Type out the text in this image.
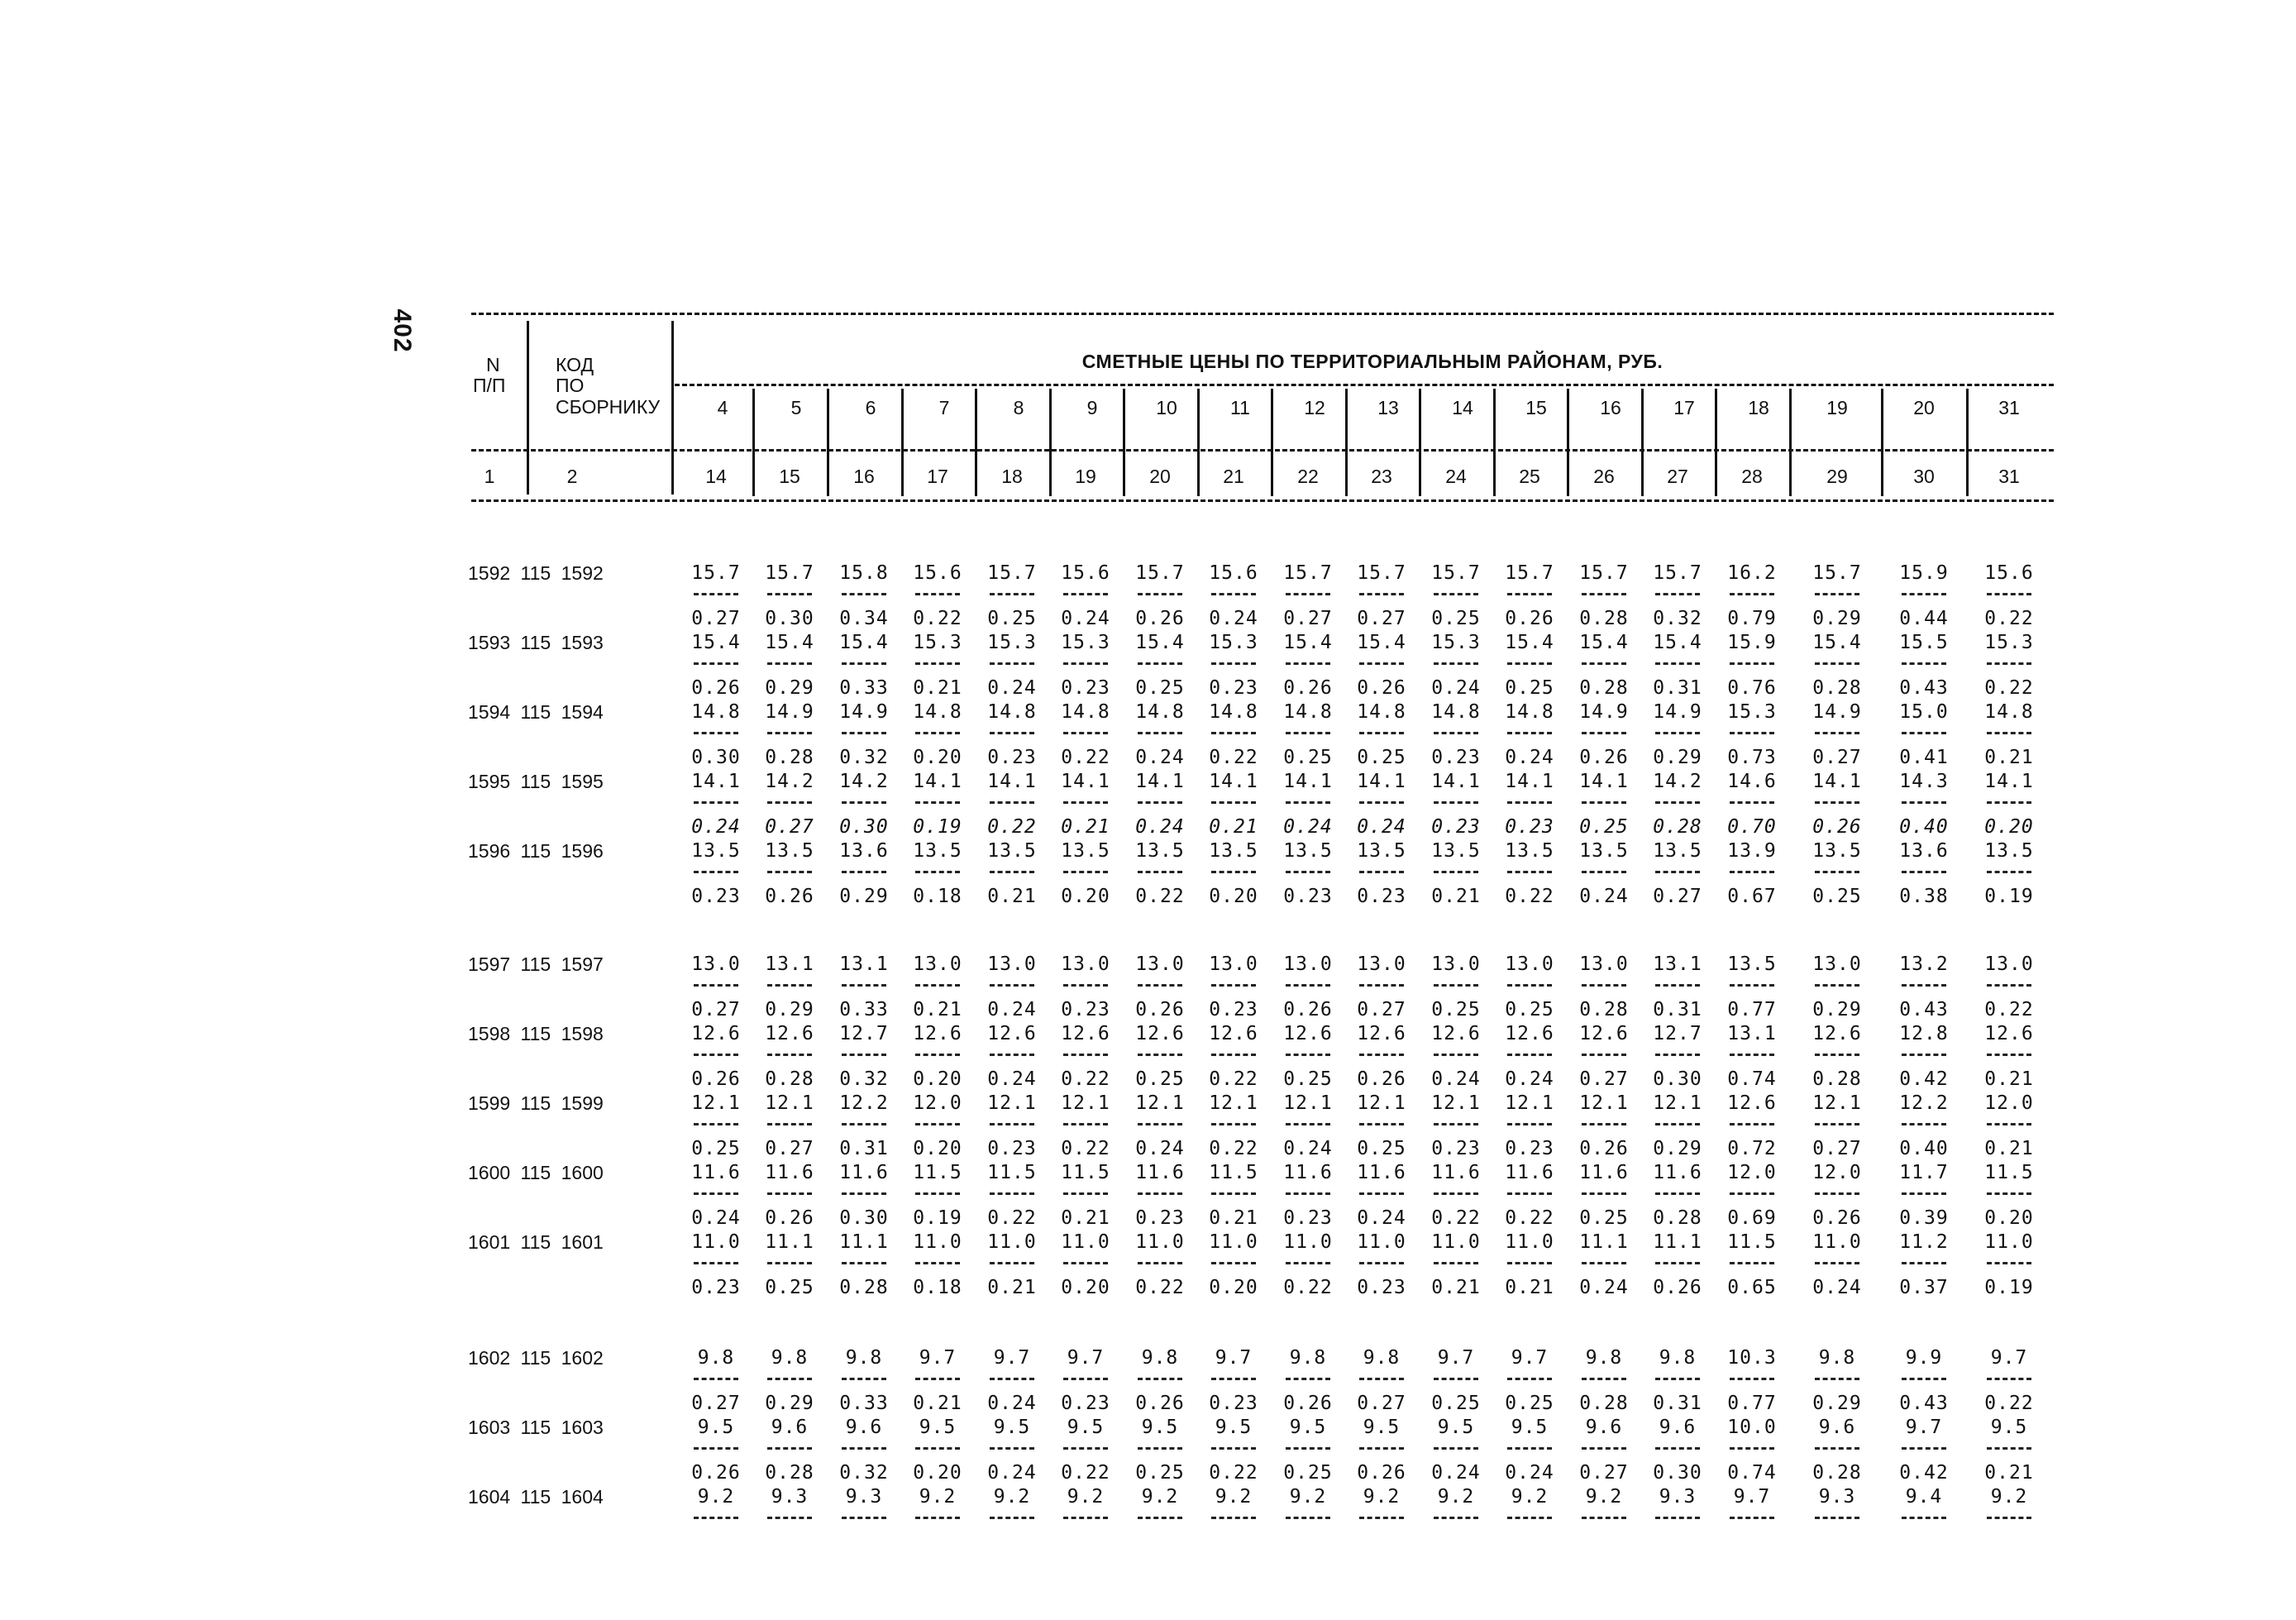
402
N
П/П
КОД
ПО
СБОРНИКУ
СМЕТНЫЕ ЦЕНЫ ПО ТЕРРИТОРИАЛЬНЫМ РАЙОНАМ, РУБ.
4	5	6	7	8	9	10	11	12	13	14	15	16	17	18	19	20	31
1	2	14	15	16	17	18	19	20	21	22	23	24	25	26	27	28	29	30	31
1592 115 1592	15.7 15.7 15.8 15.6 15.7 15.6 15.7 15.6 15.7 15.7 15.7 15.7 15.7 15.7 16.2 15.7 15.9 15.6
0.27 0.30 0.34 0.22 0.25 0.24 0.26 0.24 0.27 0.27 0.25 0.26 0.28 0.32 0.79 0.29 0.44 0.22
1593 115 1593	15.4 15.4 15.4 15.3 15.3 15.3 15.4 15.3 15.4 15.4 15.3 15.4 15.4 15.4 15.9 15.4 15.5 15.3
0.26 0.29 0.33 0.21 0.24 0.23 0.25 0.23 0.26 0.26 0.24 0.25 0.28 0.31 0.76 0.28 0.43 0.22
1594 115 1594	14.8 14.9 14.9 14.8 14.8 14.8 14.8 14.8 14.8 14.8 14.8 14.8 14.9 14.9 15.3 14.9 15.0 14.8
0.30 0.28 0.32 0.20 0.23 0.22 0.24 0.22 0.25 0.25 0.23 0.24 0.26 0.29 0.73 0.27 0.41 0.21
1595 115 1595	14.1 14.2 14.2 14.1 14.1 14.1 14.1 14.1 14.1 14.1 14.1 14.1 14.1 14.2 14.6 14.1 14.3 14.1
0.24 0.27 0.30 0.19 0.22 0.21 0.24 0.21 0.24 0.24 0.23 0.23 0.25 0.28 0.70 0.26 0.40 0.20
1596 115 1596	13.5 13.5 13.6 13.5 13.5 13.5 13.5 13.5 13.5 13.5 13.5 13.5 13.5 13.5 13.9 13.5 13.6 13.5
0.23 0.26 0.29 0.18 0.21 0.20 0.22 0.20 0.23 0.23 0.21 0.22 0.24 0.27 0.67 0.25 0.38 0.19
1597 115 1597	13.0 13.1 13.1 13.0 13.0 13.0 13.0 13.0 13.0 13.0 13.0 13.0 13.0 13.1 13.5 13.0 13.2 13.0
0.27 0.29 0.33 0.21 0.24 0.23 0.26 0.23 0.26 0.27 0.25 0.25 0.28 0.31 0.77 0.29 0.43 0.22
1598 115 1598	12.6 12.6 12.7 12.6 12.6 12.6 12.6 12.6 12.6 12.6 12.6 12.6 12.6 12.7 13.1 12.6 12.8 12.6
0.26 0.28 0.32 0.20 0.24 0.22 0.25 0.22 0.25 0.26 0.24 0.24 0.27 0.30 0.74 0.28 0.42 0.21
1599 115 1599	12.1 12.1 12.2 12.0 12.1 12.1 12.1 12.1 12.1 12.1 12.1 12.1 12.1 12.1 12.6 12.1 12.2 12.0
0.25 0.27 0.31 0.20 0.23 0.22 0.24 0.22 0.24 0.25 0.23 0.23 0.26 0.29 0.72 0.27 0.40 0.21
1600 115 1600	11.6 11.6 11.6 11.5 11.5 11.5 11.6 11.5 11.6 11.6 11.6 11.6 11.6 11.6 12.0 12.0 11.7 11.5
0.24 0.26 0.30 0.19 0.22 0.21 0.23 0.21 0.23 0.24 0.22 0.22 0.25 0.28 0.69 0.26 0.39 0.20
1601 115 1601	11.0 11.1 11.1 11.0 11.0 11.0 11.0 11.0 11.0 11.0 11.0 11.0 11.1 11.1 11.5 11.0 11.2 11.0
0.23 0.25 0.28 0.18 0.21 0.20 0.22 0.20 0.22 0.23 0.21 0.21 0.24 0.26 0.65 0.24 0.37 0.19
1602 115 1602	9.8 9.8 9.8 9.7 9.7 9.7 9.8 9.7 9.8 9.8 9.7 9.7 9.8 9.8 10.3 9.8	9.9	9.7
0.27 0.29 0.33 0.21 0.24 0.23 0.26 0.23 0.26 0.27 0.25 0.25 0.28 0.31 0.77 0.29 0.43 0.22
1603 115 1603	9.5 9.6 9.6 9.5 9.5 9.5 9.5 9.5 9.5 9.5 9.5 9.5 9.6 9.6 10.0 9.6	9.7	9.5
0.26 0.28 0.32 0.20 0.24 0.22 0.25 0.22 0.25 0.26 0.24 0.24 0.27 0.30 0.74 0.28 0.42 0.21
1604 115 1604	9.2 9.3 9.3 9.2 9.2 9.2 9.2 9.2 9.2 9.2 9.2 9.2 9.2 9.3 9.7	9.3	9.4	9.2
